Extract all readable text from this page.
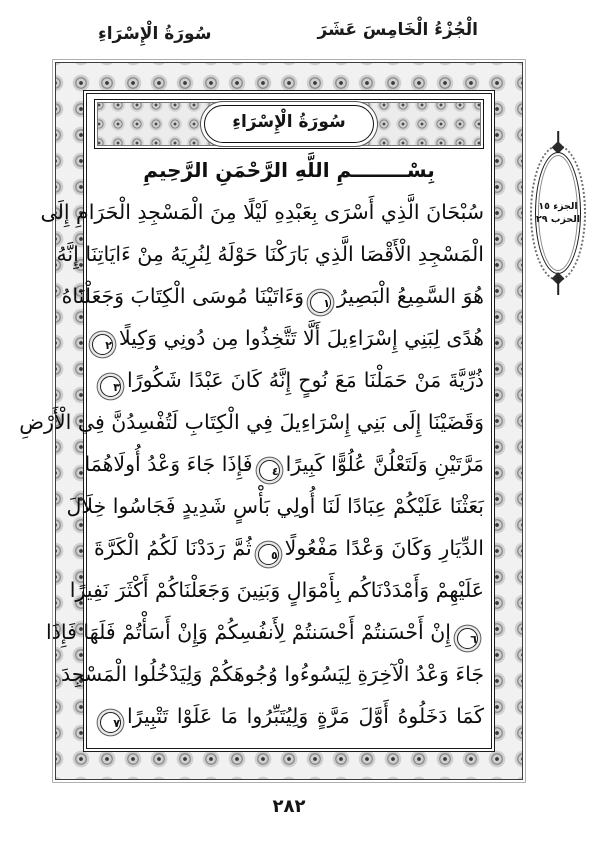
الْجُزْءُ الْخَامِسَ عَشَرَ
سُورَةُ الْإِسْرَاءِ
سُورَةُ الْإِسْرَاءِ
بِسْــــــــمِ اللَّهِ الرَّحْمَنِ الرَّحِيمِ
سُبْحَانَ الَّذِي أَسْرَى بِعَبْدِهِ لَيْلًا مِنَ الْمَسْجِدِ الْحَرَامِ إِلَى
الْمَسْجِدِ الْأَقْصَا الَّذِي بَارَكْنَا حَوْلَهُ لِنُرِيَهُ مِنْ ءَايَاتِنَا إِنَّهُ
هُوَ السَّمِيعُ الْبَصِيرُ١وَءَاتَيْنَا مُوسَى الْكِتَابَ وَجَعَلْنَاهُ
هُدًى لِبَنِي إِسْرَاءِيلَ أَلَّا تَتَّخِذُوا مِن دُونِي وَكِيلًا٢
ذُرِّيَّةَ مَنْ حَمَلْنَا مَعَ نُوحٍ إِنَّهُ كَانَ عَبْدًا شَكُورًا٣
وَقَضَيْنَا إِلَى بَنِي إِسْرَاءِيلَ فِي الْكِتَابِ لَتُفْسِدُنَّ فِي الْأَرْضِ
مَرَّتَيْنِ وَلَتَعْلُنَّ عُلُوًّا كَبِيرًا٤فَإِذَا جَاءَ وَعْدُ أُولَاهُمَا
بَعَثْنَا عَلَيْكُمْ عِبَادًا لَنَا أُولِي بَأْسٍ شَدِيدٍ فَجَاسُوا خِلَالَ
الدِّيَارِ وَكَانَ وَعْدًا مَفْعُولًا٥ثُمَّ رَدَدْنَا لَكُمُ الْكَرَّةَ
عَلَيْهِمْ وَأَمْدَدْنَاكُم بِأَمْوَالٍ وَبَنِينَ وَجَعَلْنَاكُمْ أَكْثَرَ نَفِيرًا
٦إِنْ أَحْسَنتُمْ أَحْسَنتُمْ لِأَنفُسِكُمْ وَإِنْ أَسَأْتُمْ فَلَهَا فَإِذَا
جَاءَ وَعْدُ الْآخِرَةِ لِيَسُوءُوا وُجُوهَكُمْ وَلِيَدْخُلُوا الْمَسْجِدَ
كَمَا دَخَلُوهُ أَوَّلَ مَرَّةٍ وَلِيُتَبِّرُوا مَا عَلَوْا تَتْبِيرًا٧
الجزء ١٥
الحزب ٢٩
٢٨٢
